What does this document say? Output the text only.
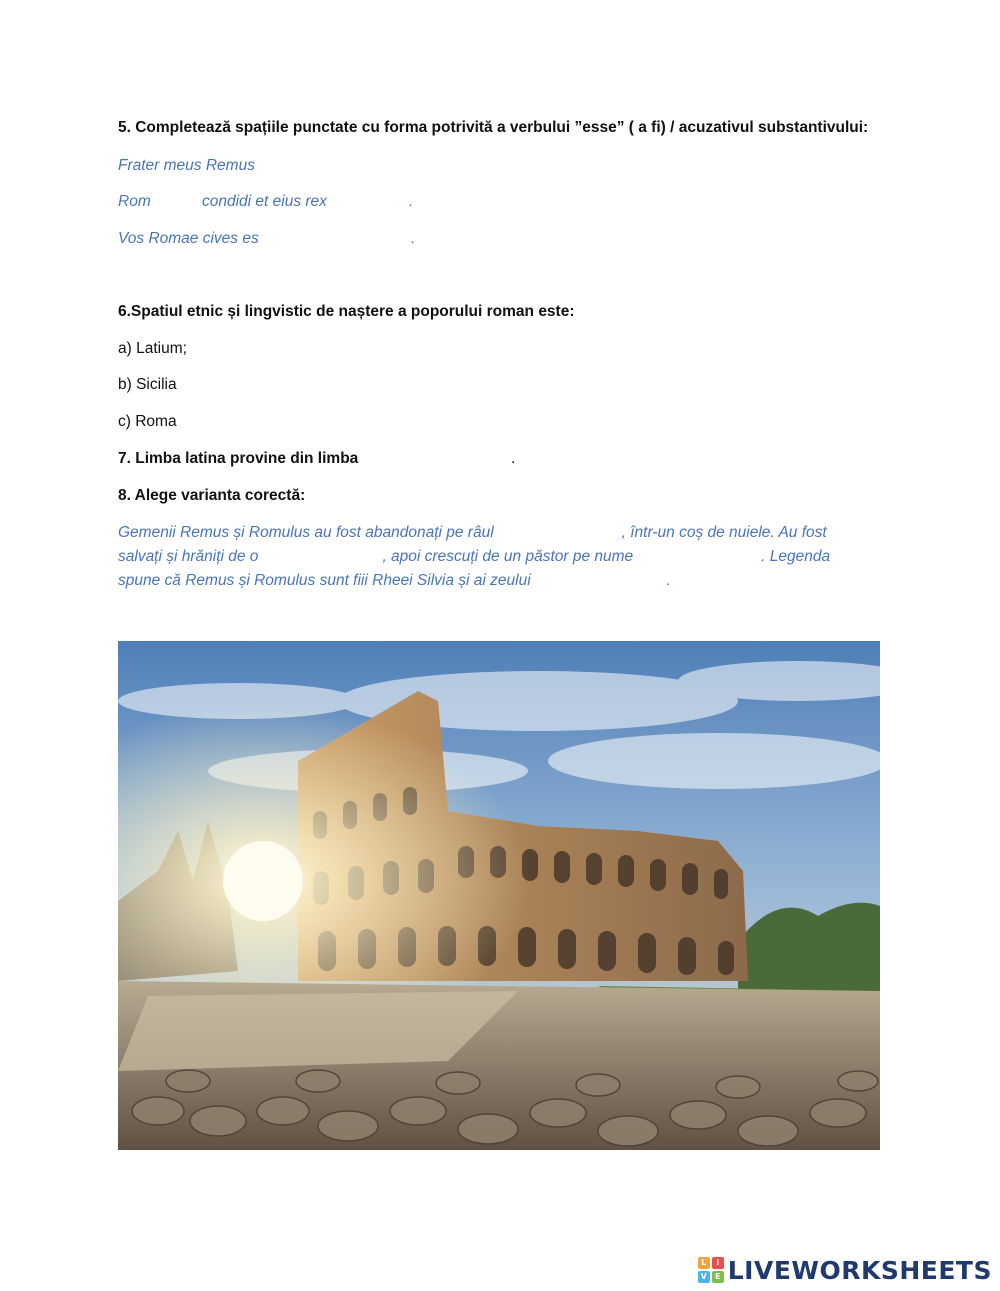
5. Completează spațiile punctate cu forma potrivită a verbului ”esse” ( a fi) / acuzativul substantivului:
Frater meus Remus
Rom	condidi et eius rex	.
Vos Romae cives es	.
6.Spatiul etnic și lingvistic de naștere a poporului roman este:
a) Latium;
b) Sicilia
c) Roma
7. Limba latina provine din limba	.
8. Alege varianta corectă:
Gemenii Remus și Romulus au fost abandonați pe râul	, într-un coș de nuiele. Au fost salvați și hrăniți de o	, apoi crescuți de un păstor pe nume	. Legenda spune că Remus și Romulus sunt fiii Rheei Silvia și ai zeului	.
L	I
V	E LIVEWORKSHEETS
